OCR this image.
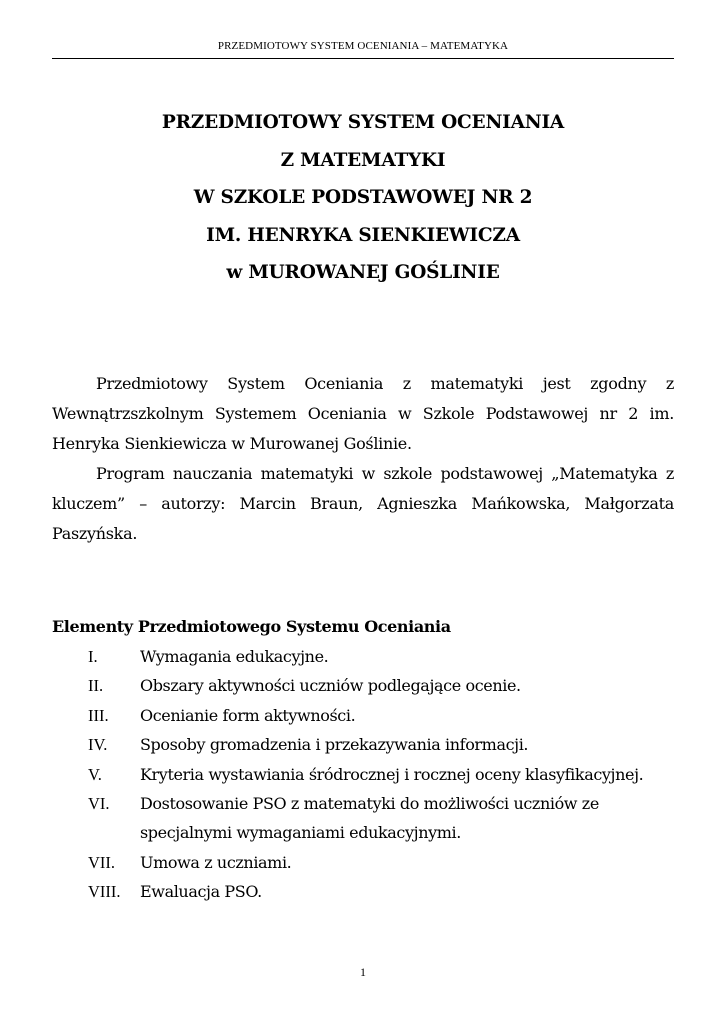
PRZEDMIOTOWY SYSTEM OCENIANIA – MATEMATYKA
PRZEDMIOTOWY SYSTEM OCENIANIA
Z MATEMATYKI
W SZKOLE PODSTAWOWEJ NR 2
IM. HENRYKA SIENKIEWICZA
w MUROWANEJ GOŚLINIE

Przedmiotowy System Oceniania z matematyki jest zgodny z Wewnątrzszkolnym Systemem Oceniania w Szkole Podstawowej nr 2 im. Henryka Sienkiewicza w Murowanej Goślinie.

Program nauczania matematyki w szkole podstawowej „Matematyka z kluczem” – autorzy: Marcin Braun, Agnieszka Mańkowska, Małgorzata Paszyńska.

Elementy Przedmiotowego Systemu Oceniania
I.	Wymagania edukacyjne.
II. Obszary aktywności uczniów podlegające ocenie.
III. Ocenianie form aktywności.
IV. Sposoby gromadzenia i przekazywania informacji.
V. Kryteria wystawiania śródrocznej i rocznej oceny klasyfikacyjnej.
VI. Dostosowanie PSO z matematyki do możliwości uczniów ze specjalnymi wymaganiami edukacyjnymi.
VII. Umowa z uczniami.
VIII. Ewaluacja PSO.
1
